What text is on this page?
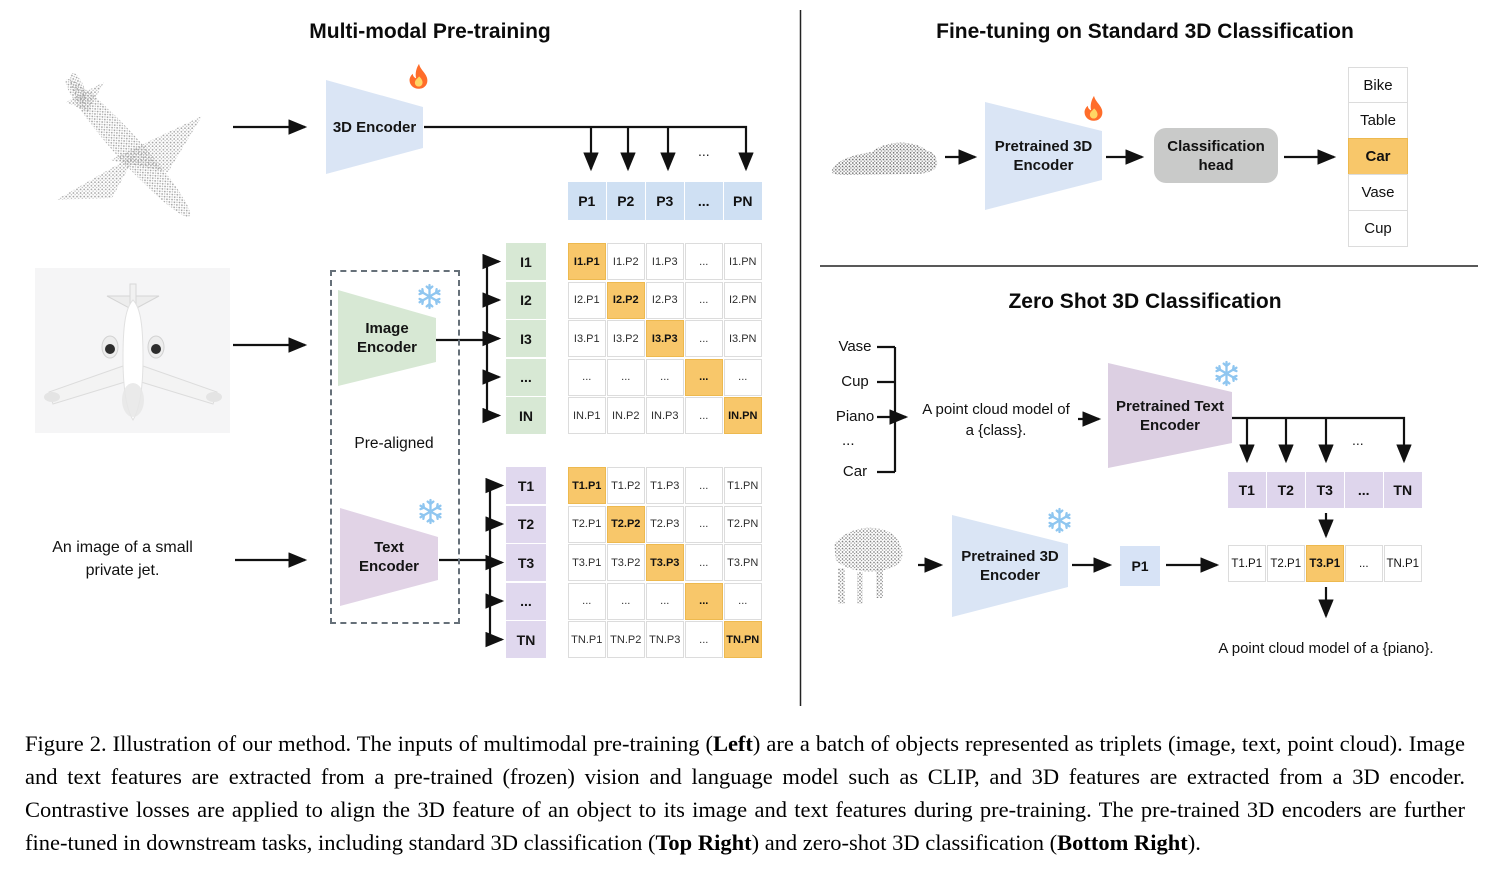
Multi-modal Pre-training
3D Encoder
...
P1	P2	P3	...	PN
Image
Encoder
Pre-aligned
Text
Encoder
An image of a small
private jet.
I1
I2
I3
...
IN
I1.P1	I1.P2	I1.P3	...	I1.PN
I2.P1	I2.P2	I2.P3	...	I2.PN
I3.P1	I3.P2	I3.P3	...	I3.PN
...	...	...	...	...
IN.P1	IN.P2	IN.P3	...	IN.PN
T1
T2
T3
...
TN
T1.P1 T1.P2 T1.P3	...	T1.PN
T2.P1 T2.P2 T2.P3	...	T2.PN
T3.P1 T3.P2 T3.P3	...	T3.PN
...	...	...	...	...
TN.P1 TN.P2 TN.P3	...	TN.PN
Fine-tuning on Standard 3D Classification
Pretrained 3D
Encoder
Classification
head
Bike
Table
Car
Vase
Cup
Zero Shot 3D Classification
Vase
Cup
Piano
...
Car
A point cloud model of
a {class}.
Pretrained Text
Encoder
...
T1	T2	T3	...	TN
T1.P1 T2.P1 T3.P1	...	TN.P1
Pretrained 3D
Encoder
P1
A point cloud model of a {piano}.
Figure 2. Illustration of our method. The inputs of multimodal pre-training (Left) are a batch of objects represented as triplets (image, text, point cloud). Image and text features are extracted from a pre-trained (frozen) vision and language model such as CLIP, and 3D features are extracted from a 3D encoder. Contrastive losses are applied to align the 3D feature of an object to its image and text features during pre-training. The pre-trained 3D encoders are further fine-tuned in downstream tasks, including standard 3D classification (Top Right) and zero-shot 3D classification (Bottom Right).
